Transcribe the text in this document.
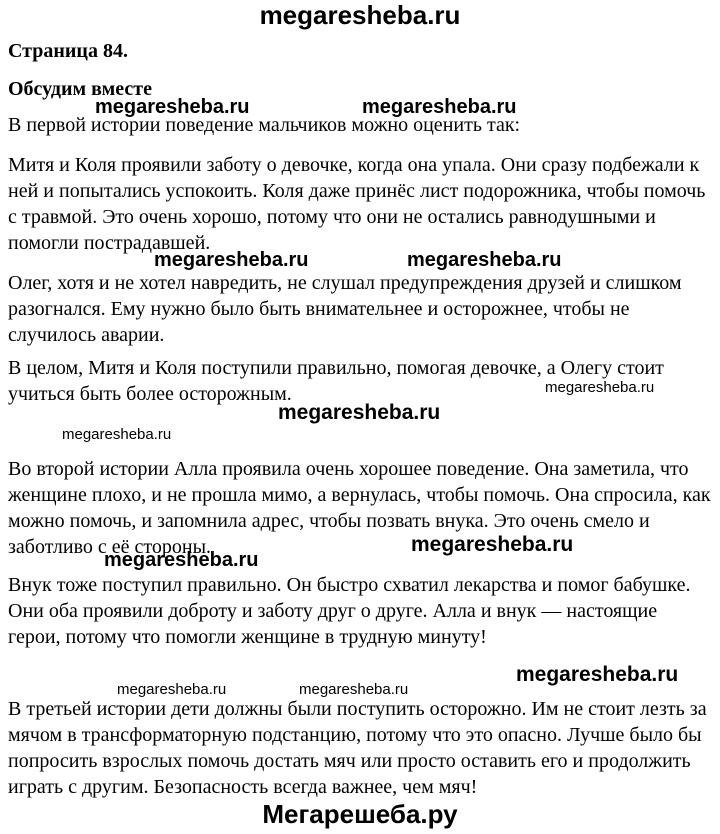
megaresheba.ru
Страница 84.
Обсудим вместе

В первой истории поведение мальчиков можно оценить так:

Митя и Коля проявили заботу о девочке, когда она упала. Они сразу подбежали к ней и попытались успокоить. Коля даже принёс лист подорожника, чтобы помочь с травмой. Это очень хорошо, потому что они не остались равнодушными и помогли пострадавшей.

Олег, хотя и не хотел навредить, не слушал предупреждения друзей и слишком разогнался. Ему нужно было быть внимательнее и осторожнее, чтобы не случилось аварии.

В целом, Митя и Коля поступили правильно, помогая девочке, а Олегу стоит учиться быть более осторожным.

Во второй истории Алла проявила очень хорошее поведение. Она заметила, что женщине плохо, и не прошла мимо, а вернулась, чтобы помочь. Она спросила, как можно помочь, и запомнила адрес, чтобы позвать внука. Это очень смело и заботливо с её стороны.

Внук тоже поступил правильно. Он быстро схватил лекарства и помог бабушке. Они оба проявили доброту и заботу друг о друге. Алла и внук — настоящие герои, потому что помогли женщине в трудную минуту!

В третьей истории дети должны были поступить осторожно. Им не стоит лезть за мячом в трансформаторную подстанцию, потому что это опасно. Лучше было бы попросить взрослых помочь достать мяч или просто оставить его и продолжить играть с другим. Безопасность всегда важнее, чем мяч!

megaresheba.ru	megaresheba.ru
megaresheba.ru	megaresheba.ru
megaresheba.ru
megaresheba.ru
megaresheba.ru
megaresheba.ru
megaresheba.ru
megaresheba.ru
megaresheba.ru	megaresheba.ru
Мегарешеба.ру
